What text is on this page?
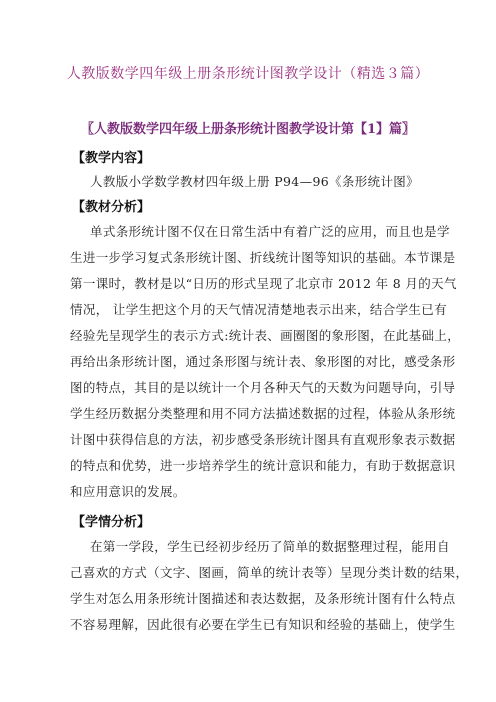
人教版数学四年级上册条形统计图教学设计（精选３篇）
〖人教版数学四年级上册条形统计图教学设计第【1】篇〗
【教学内容】
人教版小学数学教材四年级上册 P94—96《条形统计图》
【教材分析】
单式条形统计图不仅在日常生活中有着广泛的应用，而且也是学
生进一步学习复式条形统计图、折线统计图等知识的基础。本节课是
第一课时，教材是以“日历的形式呈现了北京市 2012 年 8 月的天气
情况， 让学生把这个月的天气情况清楚地表示出来，结合学生已有
经验先呈现学生的表示方式:统计表、画圈图的象形图，在此基础上，
再给出条形统计图，通过条形图与统计表、象形图的对比，感受条形
图的特点，其目的是以统计一个月各种天气的天数为问题导向，引导
学生经历数据分类整理和用不同方法描述数据的过程，体验从条形统
计图中获得信息的方法，初步感受条形统计图具有直观形象表示数据
的特点和优势，进一步培养学生的统计意识和能力，有助于数据意识
和应用意识的发展。
【学情分析】
在第一学段，学生已经初步经历了简单的数据整理过程，能用自
己喜欢的方式（文字、图画，简单的统计表等）呈现分类计数的结果，
学生对怎么用条形统计图描述和表达数据，及条形统计图有什么特点
不容易理解，因此很有必要在学生已有知识和经验的基础上，使学生
